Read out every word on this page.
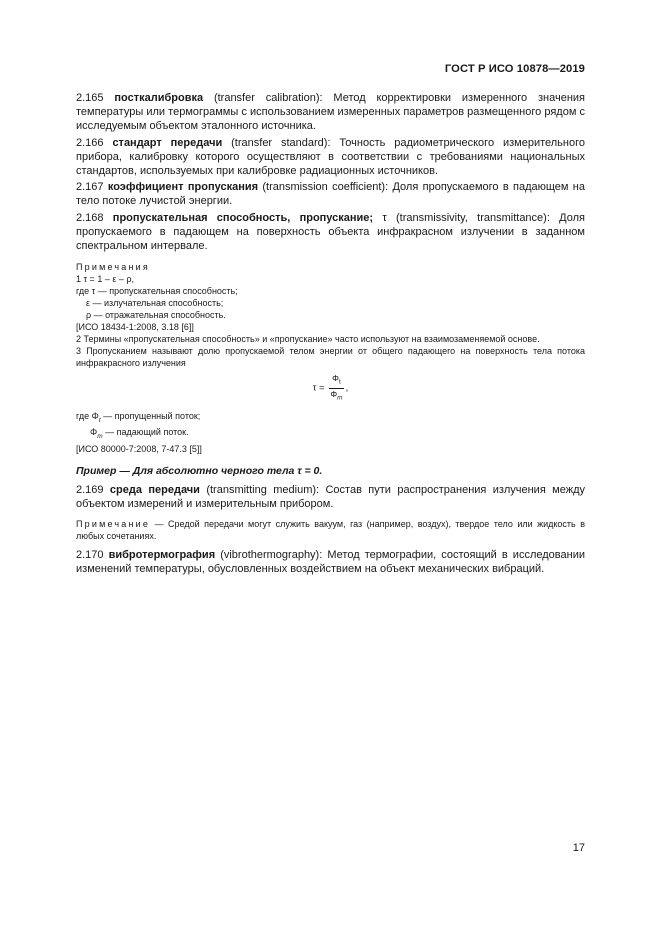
ГОСТ Р ИСО 10878—2019

2.165 посткалибровка (transfer calibration): Метод корректировки измеренного значения температуры или термограммы с использованием измеренных параметров размещенного рядом с исследуемым объектом эталонного источника.

2.166 стандарт передачи (transfer standard): Точность радиометрического измерительного прибора, калибровку которого осуществляют в соответствии с требованиями национальных стандартов, используемых при калибровке радиационных источников.

2.167 коэффициент пропускания (transmission coefficient): Доля пропускаемого в падающем на тело потоке лучистой энергии.

2.168 пропускательная способность, пропускание; τ (transmissivity, transmittance): Доля пропускаемого в падающем на поверхность объекта инфракрасном излучении в заданном спектральном интервале.

Примечания

1 τ = 1 – ε – ρ,

где τ — пропускательная способность;

ε — излучательная способность;

ρ — отражательная способность.

[ИСО 18434-1:2008, 3.18 [6]]

2 Термины «пропускательная способность» и «пропускание» часто используют на взаимозаменяемой основе.

3 Пропусканием называют долю пропускаемой телом энергии от общего падающего на поверхность тела потока инфракрасного излучения

$\tau = \frac{\Phi_t}{\Phi_m}$ ,

где $\Phi_t$ — пропущенный поток;

$\Phi_m$ — падающий поток.

[ИСО 80000-7:2008, 7-47.3 [5]]

Пример — Для абсолютно черного тела τ = 0.

2.169 среда передачи (transmitting medium): Состав пути распространения излучения между объектом измерений и измерительным прибором.

Примечание — Средой передачи могут служить вакуум, газ (например, воздух), твердое тело или жидкость в любых сочетаниях.

2.170 вибротермография (vibrothermography): Метод термографии, состоящий в исследовании изменений температуры, обусловленных воздействием на объект механических вибраций.

17
